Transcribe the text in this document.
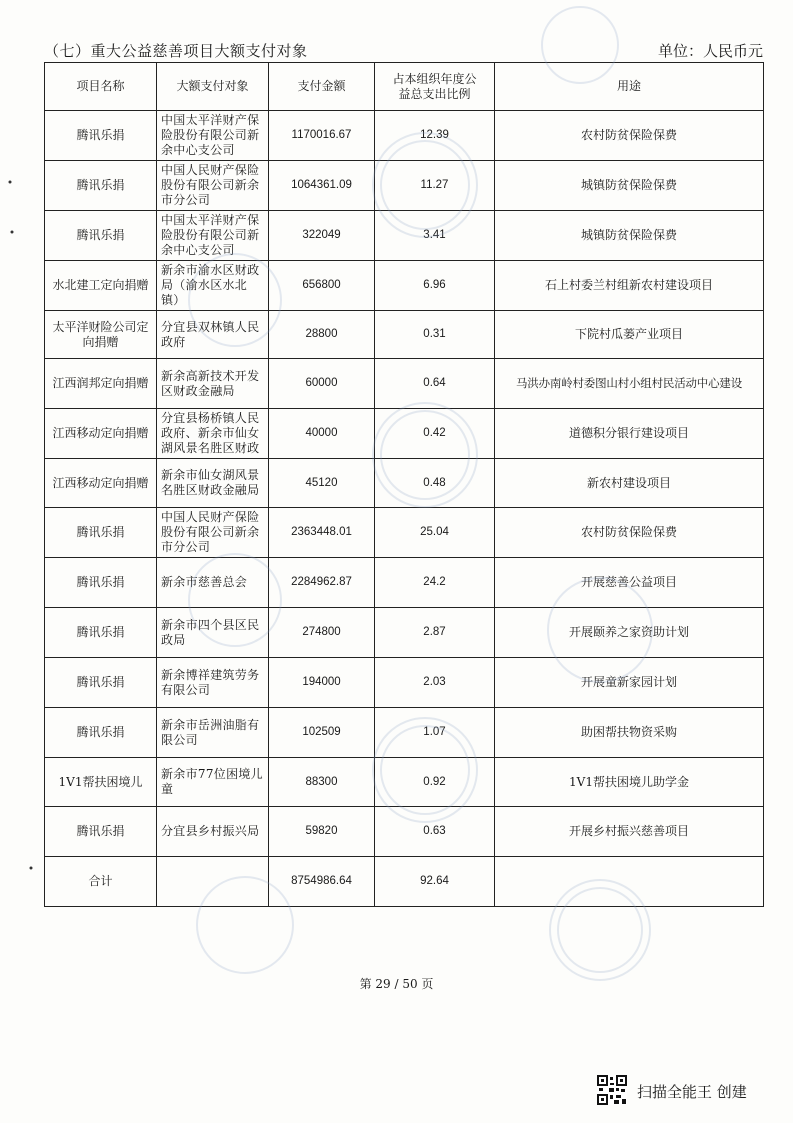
（七）重大公益慈善项目大额支付对象	单位：人民币元
项目名称	大额支付对象	支付金额	占本组织年度公益总支出比例	用途
腾讯乐捐	中国太平洋财产保险股份有限公司新余中心支公司	1170016.67	12.39	农村防贫保险保费
腾讯乐捐	中国人民财产保险股份有限公司新余市分公司	1064361.09	11.27	城镇防贫保险保费
腾讯乐捐	中国太平洋财产保险股份有限公司新余中心支公司	322049	3.41	城镇防贫保险保费
水北建工定向捐赠	新余市渝水区财政局（渝水区水北镇）	656800	6.96	石上村委兰村组新农村建设项目
太平洋财险公司定向捐赠	分宜县双林镇人民政府	28800	0.31	下院村瓜蒌产业项目
江西润邦定向捐赠	新余高新技术开发区财政金融局	60000	0.64	马洪办南岭村委图山村小组村民活动中心建设
江西移动定向捐赠	分宜县杨桥镇人民政府、新余市仙女湖风景名胜区财政	40000	0.42	道德积分银行建设项目
江西移动定向捐赠	新余市仙女湖风景名胜区财政金融局	45120	0.48	新农村建设项目
腾讯乐捐	中国人民财产保险股份有限公司新余市分公司	2363448.01	25.04	农村防贫保险保费
腾讯乐捐	新余市慈善总会	2284962.87	24.2	开展慈善公益项目
腾讯乐捐	新余市四个县区民政局	274800	2.87	开展颐养之家资助计划
腾讯乐捐	新余博祥建筑劳务有限公司	194000	2.03	开展童新家园计划
腾讯乐捐	新余市岳洲油脂有限公司	102509	1.07	助困帮扶物资采购
1V1帮扶困境儿	新余市77位困境儿童	88300	0.92	1V1帮扶困境儿助学金
腾讯乐捐	分宜县乡村振兴局	59820	0.63	开展乡村振兴慈善项目
合计		8754986.64	92.64	
第 29 / 50 页
扫描全能王 创建
